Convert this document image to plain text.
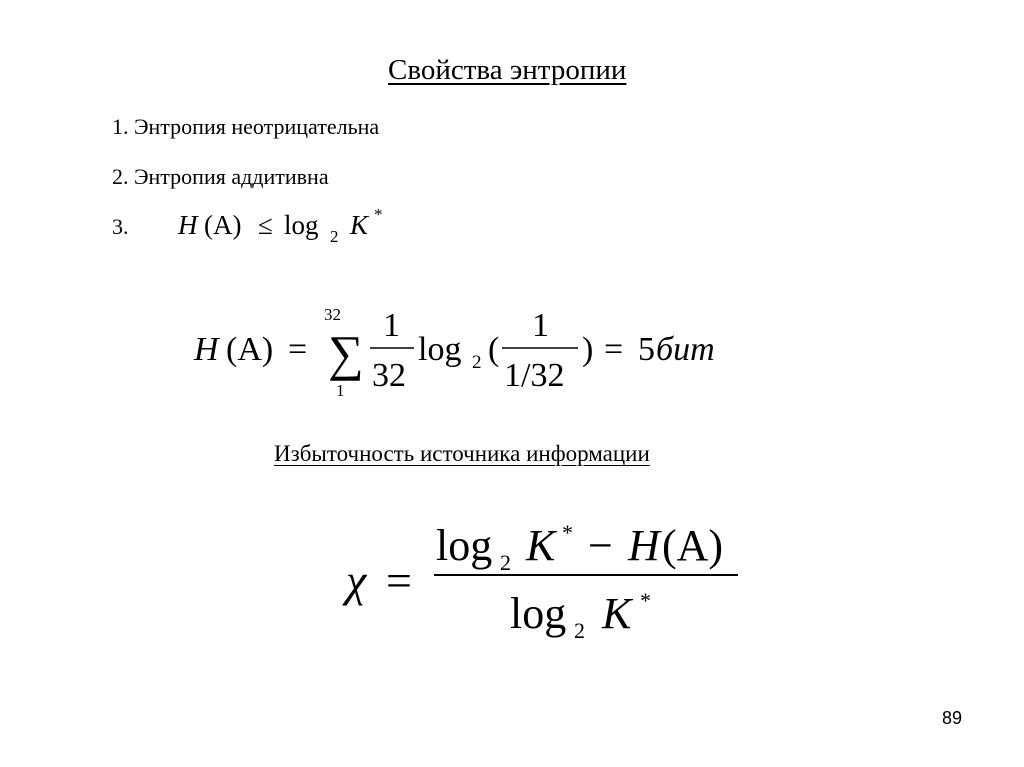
Свойства энтропии
1. Энтропия неотрицательна
2. Энтропия аддитивна
3. H (A) ≤ log 2 K *
H (A) =
32
∑
1
1
32
log 2 (
1
1/32
) = 5 бит
Избыточность источника информации
χ =
log 2 K * − H (A)
log 2 K *
89
